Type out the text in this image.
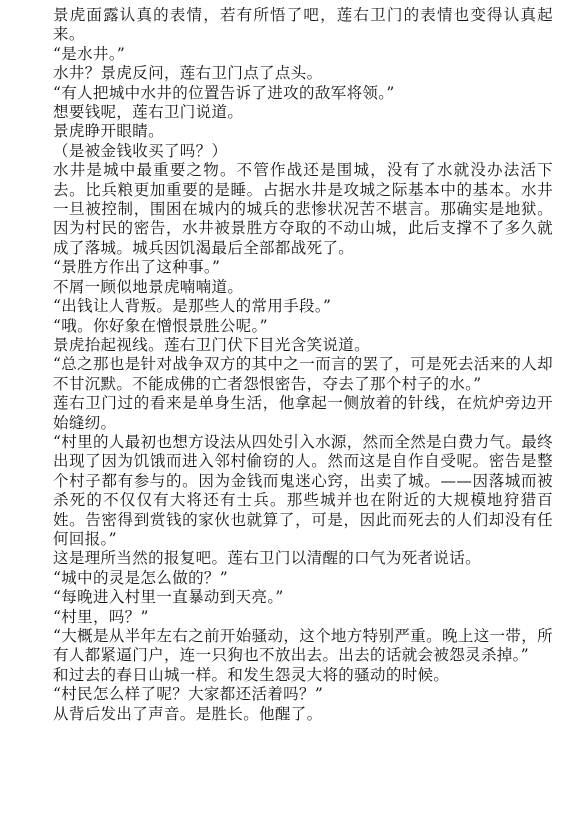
景虎面露认真的表情，若有所悟了吧，莲右卫门的表情也变得认真起来。

“是水井。”

水井？景虎反问，莲右卫门点了点头。

“有人把城中水井的位置告诉了进攻的敌军将领。”

想要钱呢，莲右卫门说道。

景虎睁开眼睛。

（是被金钱收买了吗？）

水井是城中最重要之物。不管作战还是围城，没有了水就没办法活下去。比兵粮更加重要的是睡。占据水井是攻城之际基本中的基本。水井一旦被控制，围困在城内的城兵的悲惨状况苦不堪言。那确实是地狱。因为村民的密告，水井被景胜方夺取的不动山城，此后支撑不了多久就成了落城。城兵因饥渴最后全部都战死了。

“景胜方作出了这种事。”

不屑一顾似地景虎喃喃道。

“出钱让人背叛。是那些人的常用手段。”

“哦。你好象在憎恨景胜公呢。”

景虎抬起视线。莲右卫门伏下目光含笑说道。

“总之那也是针对战争双方的其中之一而言的罢了，可是死去活来的人却不甘沉默。不能成佛的亡者怨恨密告，夺去了那个村子的水。”

莲右卫门过的看来是单身生活，他拿起一侧放着的针线，在炕炉旁边开始缝纫。

“村里的人最初也想方设法从四处引入水源，然而全然是白费力气。最终出现了因为饥饿而进入邻村偷窃的人。然而这是自作自受呢。密告是整个村子都有参与的。因为金钱而鬼迷心窍，出卖了城。——因落城而被杀死的不仅仅有大将还有士兵。那些城并也在附近的大规模地狩猎百姓。告密得到赏钱的家伙也就算了，可是，因此而死去的人们却没有任何回报。”

这是理所当然的报复吧。莲右卫门以清醒的口气为死者说话。

“城中的灵是怎么做的？”

“每晚进入村里一直暴动到天亮。”

“村里，吗？”

“大概是从半年左右之前开始骚动，这个地方特别严重。晚上这一带，所有人都紧逼门户，连一只狗也不放出去。出去的话就会被怨灵杀掉。”

和过去的春日山城一样。和发生怨灵大将的骚动的时候。

“村民怎么样了呢？大家都还活着吗？”

从背后发出了声音。是胜长。他醒了。
